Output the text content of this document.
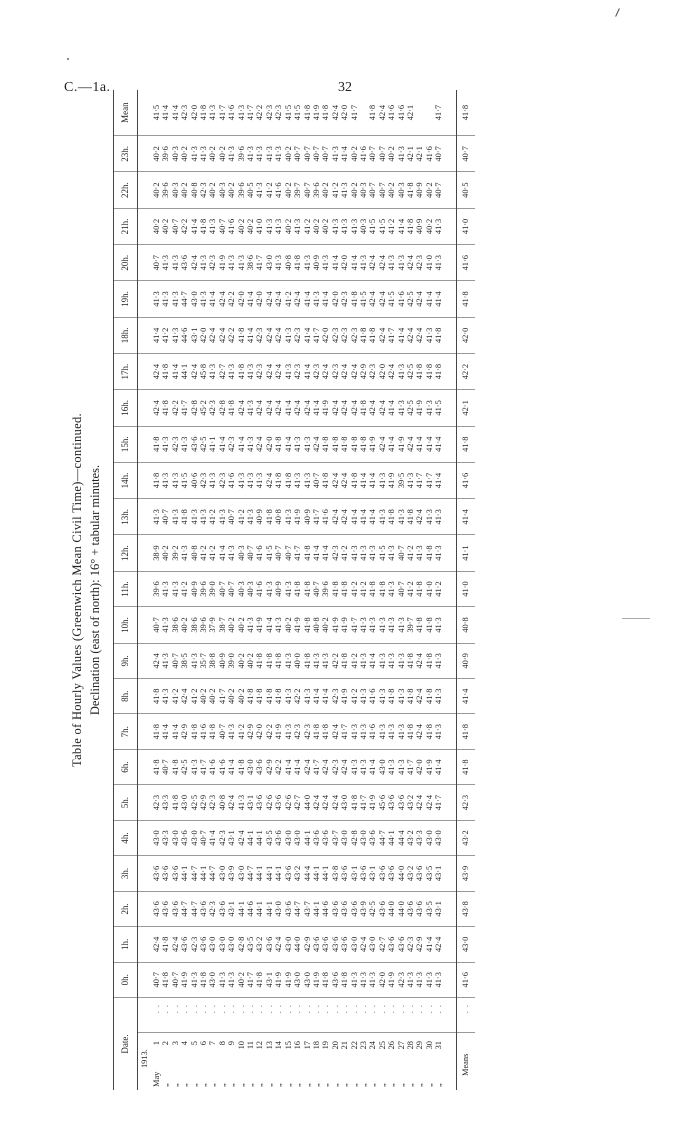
C.—1a.	32
Table of Hourly Values (Greenwich Mean Civil Time)—continued. Declination (east of north): 16° + tabular minutes.
Date.		0h.	1h.	2h.	3h.	4h.	5h.	6h.	7h.	8h.	9h.	10h.	11h.	12h.	13h.	14h.	15h.	16h.	17h.	18h.	19h.	20h.	21h.	22h.	23h.	Mean
1913.																										
May1	. .	40·7	42·4	43·6	43·6	43·0	42·3	41·8	41·8	41·8	42·4	40·7	39·6	38·9	41·3	41·8	41·8	42·4	42·4	41·4	41·3	40·7	40·2	40·2	40·2	41·5
„2	. .	41·8	41·8	43·6	43·6	43·3	43·3	40·7	41·4	41·3	41·3	41·3	41·3	40·2	40·7	41·3	41·3	41·8	41·8	41·2	41·3	41·3	40·2	39·6	39·6	41·4
„3	. .	40·7	42·4	43·6	43·6	43·0	41·8	41·8	41·4	41·2	40·7	38·6	41·3	39·2	41·3	41·3	42·3	42·2	41·4	41·3	41·3	41·3	40·7	40·3	40·3	41·4
„4	. .	41·9	43·6	44·7	44·1	43·6	43·0	42·5	42·9	42·4	38·5	40·2	41·2	41·3	41·8	41·5	41·3	41·7	44·1	44·6	44·7	43·6	42·2	40·2	40·2	42·3
„5	. .	41·3	42·3	44·7	44·7	43·0	42·5	41·3	41·8	41·2	41·3	38·6	40·9	40·8	41·3	40·6	43·6	42·8	42·4	43·1	43·0	42·4	41·4	40·8	41·3	42·0
„6	. .	41·8	43·6	43·6	44·1	40·7	42·9	41·7	41·6	40·2	35·7	39·6	39·6	41·2	41·3	42·3	42·5	45·2	45·8	42·0	41·3	41·3	41·8	42·3	41·3	41·8
„7	. .	43·0	43·0	42·3	44·7	41·4	42·3	41·6	41·8	40·2	38·8	37·9	39·0	41·2	41·2	41·3	41·1	42·3	41·3	42·4	41·4	42·3	41·3	40·2	40·2	41·3
„8	. .	41·3	43·0	43·6	43·0	42·3	40·8	41·6	40·7	41·7	40·9	38·7	40·7	41·4	41·3	42·3	41·4	42·8	42·7	42·4	42·4	41·9	40·7	40·3	40·2	41·7
„9	. .	41·3	43·0	43·1	43·9	43·1	42·4	41·4	41·3	40·2	39·0	40·2	40·7	41·3	40·7	41·6	42·3	41·8	41·3	42·2	42·2	41·3	41·6	40·2	41·3	41·6
„10	. .	40·2	42·8	44·1	43·0	42·4	41·3	41·8	41·2	40·2	40·2	40·2	40·3	40·3	41·2	41·3	41·4	42·4	41·8	41·8	42·0	41·3	40·2	39·6	39·6	41·3
„11	. .	41·7	43·5	44·6	44·7	44·1	43·1	43·0	42·9	41·8	40·2	41·3	40·3	40·7	41·3	41·3	41·3	41·3	41·3	41·4	41·4	38·6	40·2	40·5	41·3	41·7
„12	. .	41·8	43·2	44·1	44·1	44·1	43·6	43·6	42·0	41·8	41·8	41·9	41·6	41·6	40·9	41·3	42·4	42·4	42·3	42·3	42·0	41·7	41·0	41·3	41·3	42·2
„13	. .	43·1	43·6	44·1	44·1	43·5	42·6	42·9	42·2	41·8	41·8	41·4	41·3	41·5	41·8	42·4	42·0	42·4	42·4	42·4	42·4	43·0	41·3	41·2	41·3	42·3
„14	. .	41·9	42·4	43·0	44·1	43·6	43·6	42·2	41·9	41·8	41·8	41·3	40·9	40·7	40·8	41·8	41·8	42·4	42·4	42·4	42·4	41·3	41·3	41·6	41·3	42·3
„15	. .	41·9	43·0	43·6	43·6	43·0	42·6	41·4	41·3	41·3	41·3	40·2	41·3	40·7	41·3	41·8	41·4	41·4	41·3	41·3	41·2	40·8	40·2	40·2	40·2	41·5
„16	. .	43·0	44·0	44·7	43·2	43·0	42·7	41·4	42·3	42·2	40·0	41·9	41·8	41·7	41·9	41·3	41·3	42·4	42·3	42·3	42·4	41·8	41·3	39·7	40·7	41·5
„17	. .	43·0	42·9	43·7	44·4	44·1	44·0	42·4	42·3	41·3	41·8	41·8	41·8	41·8	40·9	41·3	41·3	42·4	41·4	41·4	41·4	41·3	41·2	40·7	40·7	41·8
„18	. .	41·9	43·6	44·1	44·1	43·6	42·4	41·7	41·8	41·4	41·3	40·8	40·7	41·4	41·7	40·7	42·4	41·4	42·3	41·7	41·3	40·9	40·2	39·6	40·7	41·9
„19	. .	41·8	43·6	44·6	44·1	43·6	42·4	42·4	41·8	41·4	41·3	40·2	39·6	41·4	41·6	41·8	41·8	41·9	42·4	42·0	41·4	41·3	40·2	40·2	40·7	41·8
„20	. .	43·6	43·6	43·6	43·8	43·7	42·4	42·3	42·4	42·3	42·2	41·9	41·8	42·3	42·4	42·4	41·8	42·4	42·3	42·3	42·0	41·4	41·3	41·2	41·3	42·4
„21	. .	41·8	43·6	43·6	43·6	43·0	43·0	42·4	41·7	41·9	41·8	41·9	41·8	41·2	42·4	42·4	41·8	42·4	42·4	42·3	42·3	42·0	41·3	41·3	41·4	42·0
„22	. .	41·3	43·0	43·6	43·1	42·8	41·8	41·3	41·3	41·2	41·2	41·7	41·2	41·3	41·4	41·8	41·8	42·4	42·4	42·3	41·8	41·4	41·3	40·2	40·2	41·7
„23	. .	41·3	42·4	43·9	43·6	43·0	41·7	41·3	41·3	41·3	41·3	41·3	41·2	41·3	41·4	41·4	41·8	41·8	42·9	41·8	41·5	41·3	40·3	40·3	41·6	
„24	. .	41·3	43·0	42·5	43·1	43·6	41·9	41·4	41·6	41·6	41·4	41·3	41·8	41·3	41·4	41·4	41·9	42·4	42·3	41·8	42·4	42·4	41·5	40·7	40·7	41·8
„25	. .	42·0	42·7	43·6	43·6	44·7	45·6	43·0	41·3	41·3	41·3	41·3	41·8	41·5	41·3	41·3	42·4	42·4	42·0	42·4	42·4	42·4	41·5	40·7	40·7	42·4
„26	. .	41·9	43·6	44·0	43·6	44·1	43·6	41·3	41·3	41·8	41·3	41·3	41·3	41·3	41·8	41·9	41·4	41·4	42·4	41·7	41·5	41·3	41·2	40·2	40·2	41·6
„27	. .	42·3	43·6	44·0	44·0	44·4	43·6	41·3	41·3	41·3	41·3	41·3	40·7	40·7	41·3	39·5	41·9	41·3	41·3	41·4	41·6	41·3	41·4	40·3	41·3	41·6
„28	. .	41·3	42·3	43·6	43·2	43·2	43·2	41·7	41·8	41·8	41·8	39·7	41·2	41·2	41·8	41·3	42·4	42·5	42·5	42·4	42·5	42·4	41·8	41·8	42·1	42·1
„29	. .	41·3	42·9	43·6	43·6	43·3	42·4	42·0	42·4	42·4	42·4	41·8	41·8	41·3	42·4	41·7	41·4	41·9	41·8	42·4	42·4	42·3	40·9	40·9	42·1	
„30	. .	41·3	41·4	43·5	43·5	43·0	42·4	41·9	41·8	41·8	41·8	41·8	41·0	41·8	41·3	41·7	41·4	41·3	41·8	41·3	41·4	41·0	40·2	40·2	41·6	
„31	. .	41·3	42·4	43·1	43·1	43·0	41·7	41·4	41·3	41·3	41·3	41·3	41·2	41·3	41·3	41·4	41·4	41·5	41·8	41·8	41·4	41·3	41·3	40·7	40·7	41·7

Means	. .	41·6	43·0	43·8	43·9	43·2	42·3	41·8	41·8	41·4	40·9	40·8	41·0	41·1	41·4	41·6	41·8	42·1	42·2	42·0	41·8	41·6	41·0	40·5	40·7	41·8
